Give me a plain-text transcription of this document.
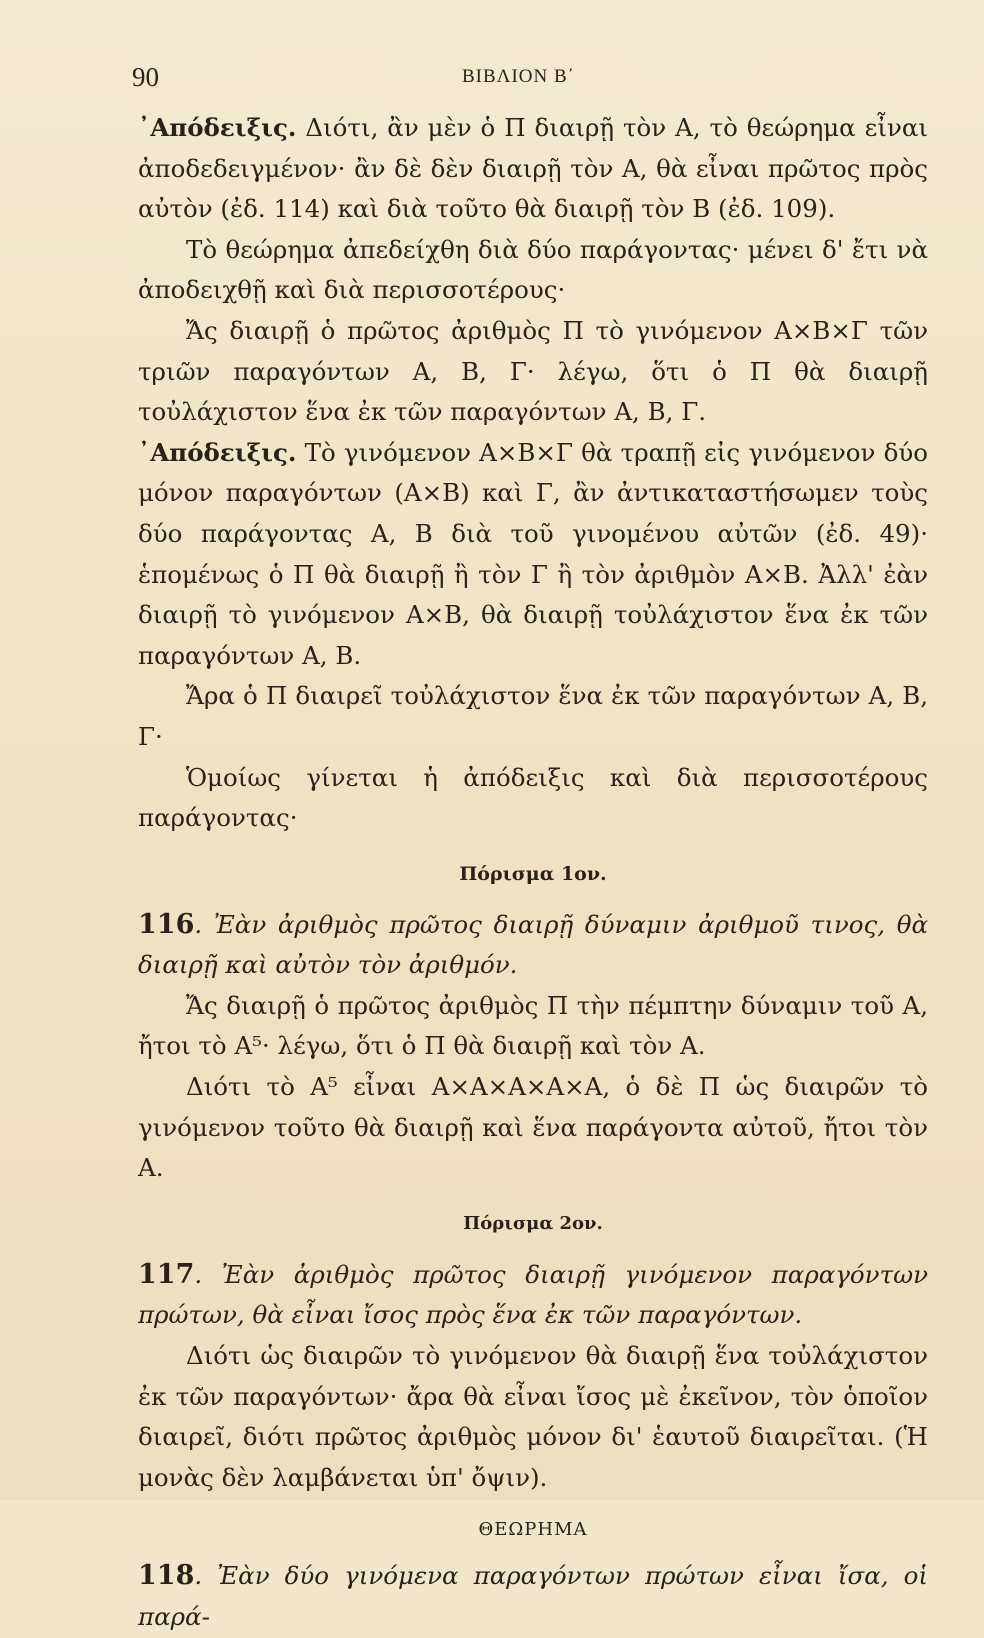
90	BIBΛΙΟΝ Β΄

᾿Απόδειξις. Διότι, ἂν μὲν ὁ Π διαιρῇ τὸν Α, τὸ θεώρημα εἶναι ἀποδεδειγμένον· ἂν δὲ δὲν διαιρῇ τὸν Α, θὰ εἶναι πρῶτος πρὸς αὐτὸν (ἐδ. 114) καὶ διὰ τοῦτο θὰ διαιρῇ τὸν Β (ἐδ. 109).

Τὸ θεώρημα ἀπεδείχθη διὰ δύο παράγοντας· μένει δ' ἔτι νὰ ἀποδειχθῇ καὶ διὰ περισσοτέρους·

Ἄς διαιρῇ ὁ πρῶτος ἀριθμὸς Π τὸ γινόμενον Α×Β×Γ τῶν τριῶν παραγόντων Α, Β, Γ· λέγω, ὅτι ὁ Π θὰ διαιρῇ τοὐλάχιστον ἕνα ἐκ τῶν παραγόντων Α, Β, Γ.

᾿Απόδειξις. Τὸ γινόμενον Α×Β×Γ θὰ τραπῇ εἰς γινόμενον δύο μόνον παραγόντων (Α×Β) καὶ Γ, ἂν ἀντικαταστήσωμεν τοὺς δύο παράγοντας Α, Β διὰ τοῦ γινομένου αὐτῶν (ἐδ. 49)· ἑπομένως ὁ Π θὰ διαιρῇ ἢ τὸν Γ ἢ τὸν ἀριθμὸν Α×Β. Ἀλλ' ἐὰν διαιρῇ τὸ γινόμενον Α×Β, θὰ διαιρῇ τοὐλάχιστον ἕνα ἐκ τῶν παραγόντων Α, Β.

Ἄρα ὁ Π διαιρεῖ τοὐλάχιστον ἕνα ἐκ τῶν παραγόντων Α, Β, Γ·

Ὁμοίως γίνεται ἡ ἀπόδειξις καὶ διὰ περισσοτέρους παράγοντας·

Πόρισμα 1ον.

116. Ἐὰν ἀριθμὸς πρῶτος διαιρῇ δύναμιν ἀριθμοῦ τινος, θὰ διαιρῇ καὶ αὐτὸν τὸν ἀριθμόν.

Ἄς διαιρῇ ὁ πρῶτος ἀριθμὸς Π τὴν πέμπτην δύναμιν τοῦ Α, ἤτοι τὸ Α⁵· λέγω, ὅτι ὁ Π θὰ διαιρῇ καὶ τὸν Α.

Διότι τὸ Α⁵ εἶναι Α×Α×Α×Α×Α, ὁ δὲ Π ὡς διαιρῶν τὸ γινόμενον τοῦτο θὰ διαιρῇ καὶ ἕνα παράγοντα αὐτοῦ, ἤτοι τὸν Α.

Πόρισμα 2ον.

117. Ἐὰν ἀριθμὸς πρῶτος διαιρῇ γινόμενον παραγόντων πρώτων, θὰ εἶναι ἴσος πρὸς ἕνα ἐκ τῶν παραγόντων.

Διότι ὡς διαιρῶν τὸ γινόμενον θὰ διαιρῇ ἕνα τοὐλάχιστον ἐκ τῶν παραγόντων· ἄρα θὰ εἶναι ἴσος μὲ ἐκεῖνον, τὸν ὁποῖον διαιρεῖ, διότι πρῶτος ἀριθμὸς μόνον δι' ἑαυτοῦ διαιρεῖται. (Ἡ μονὰς δὲν λαμβάνεται ὑπ' ὄψιν).

ΘΕΩΡΗΜΑ

118. Ἐὰν δύο γινόμενα παραγόντων πρώτων εἶναι ἴσα, οἱ παρά-
